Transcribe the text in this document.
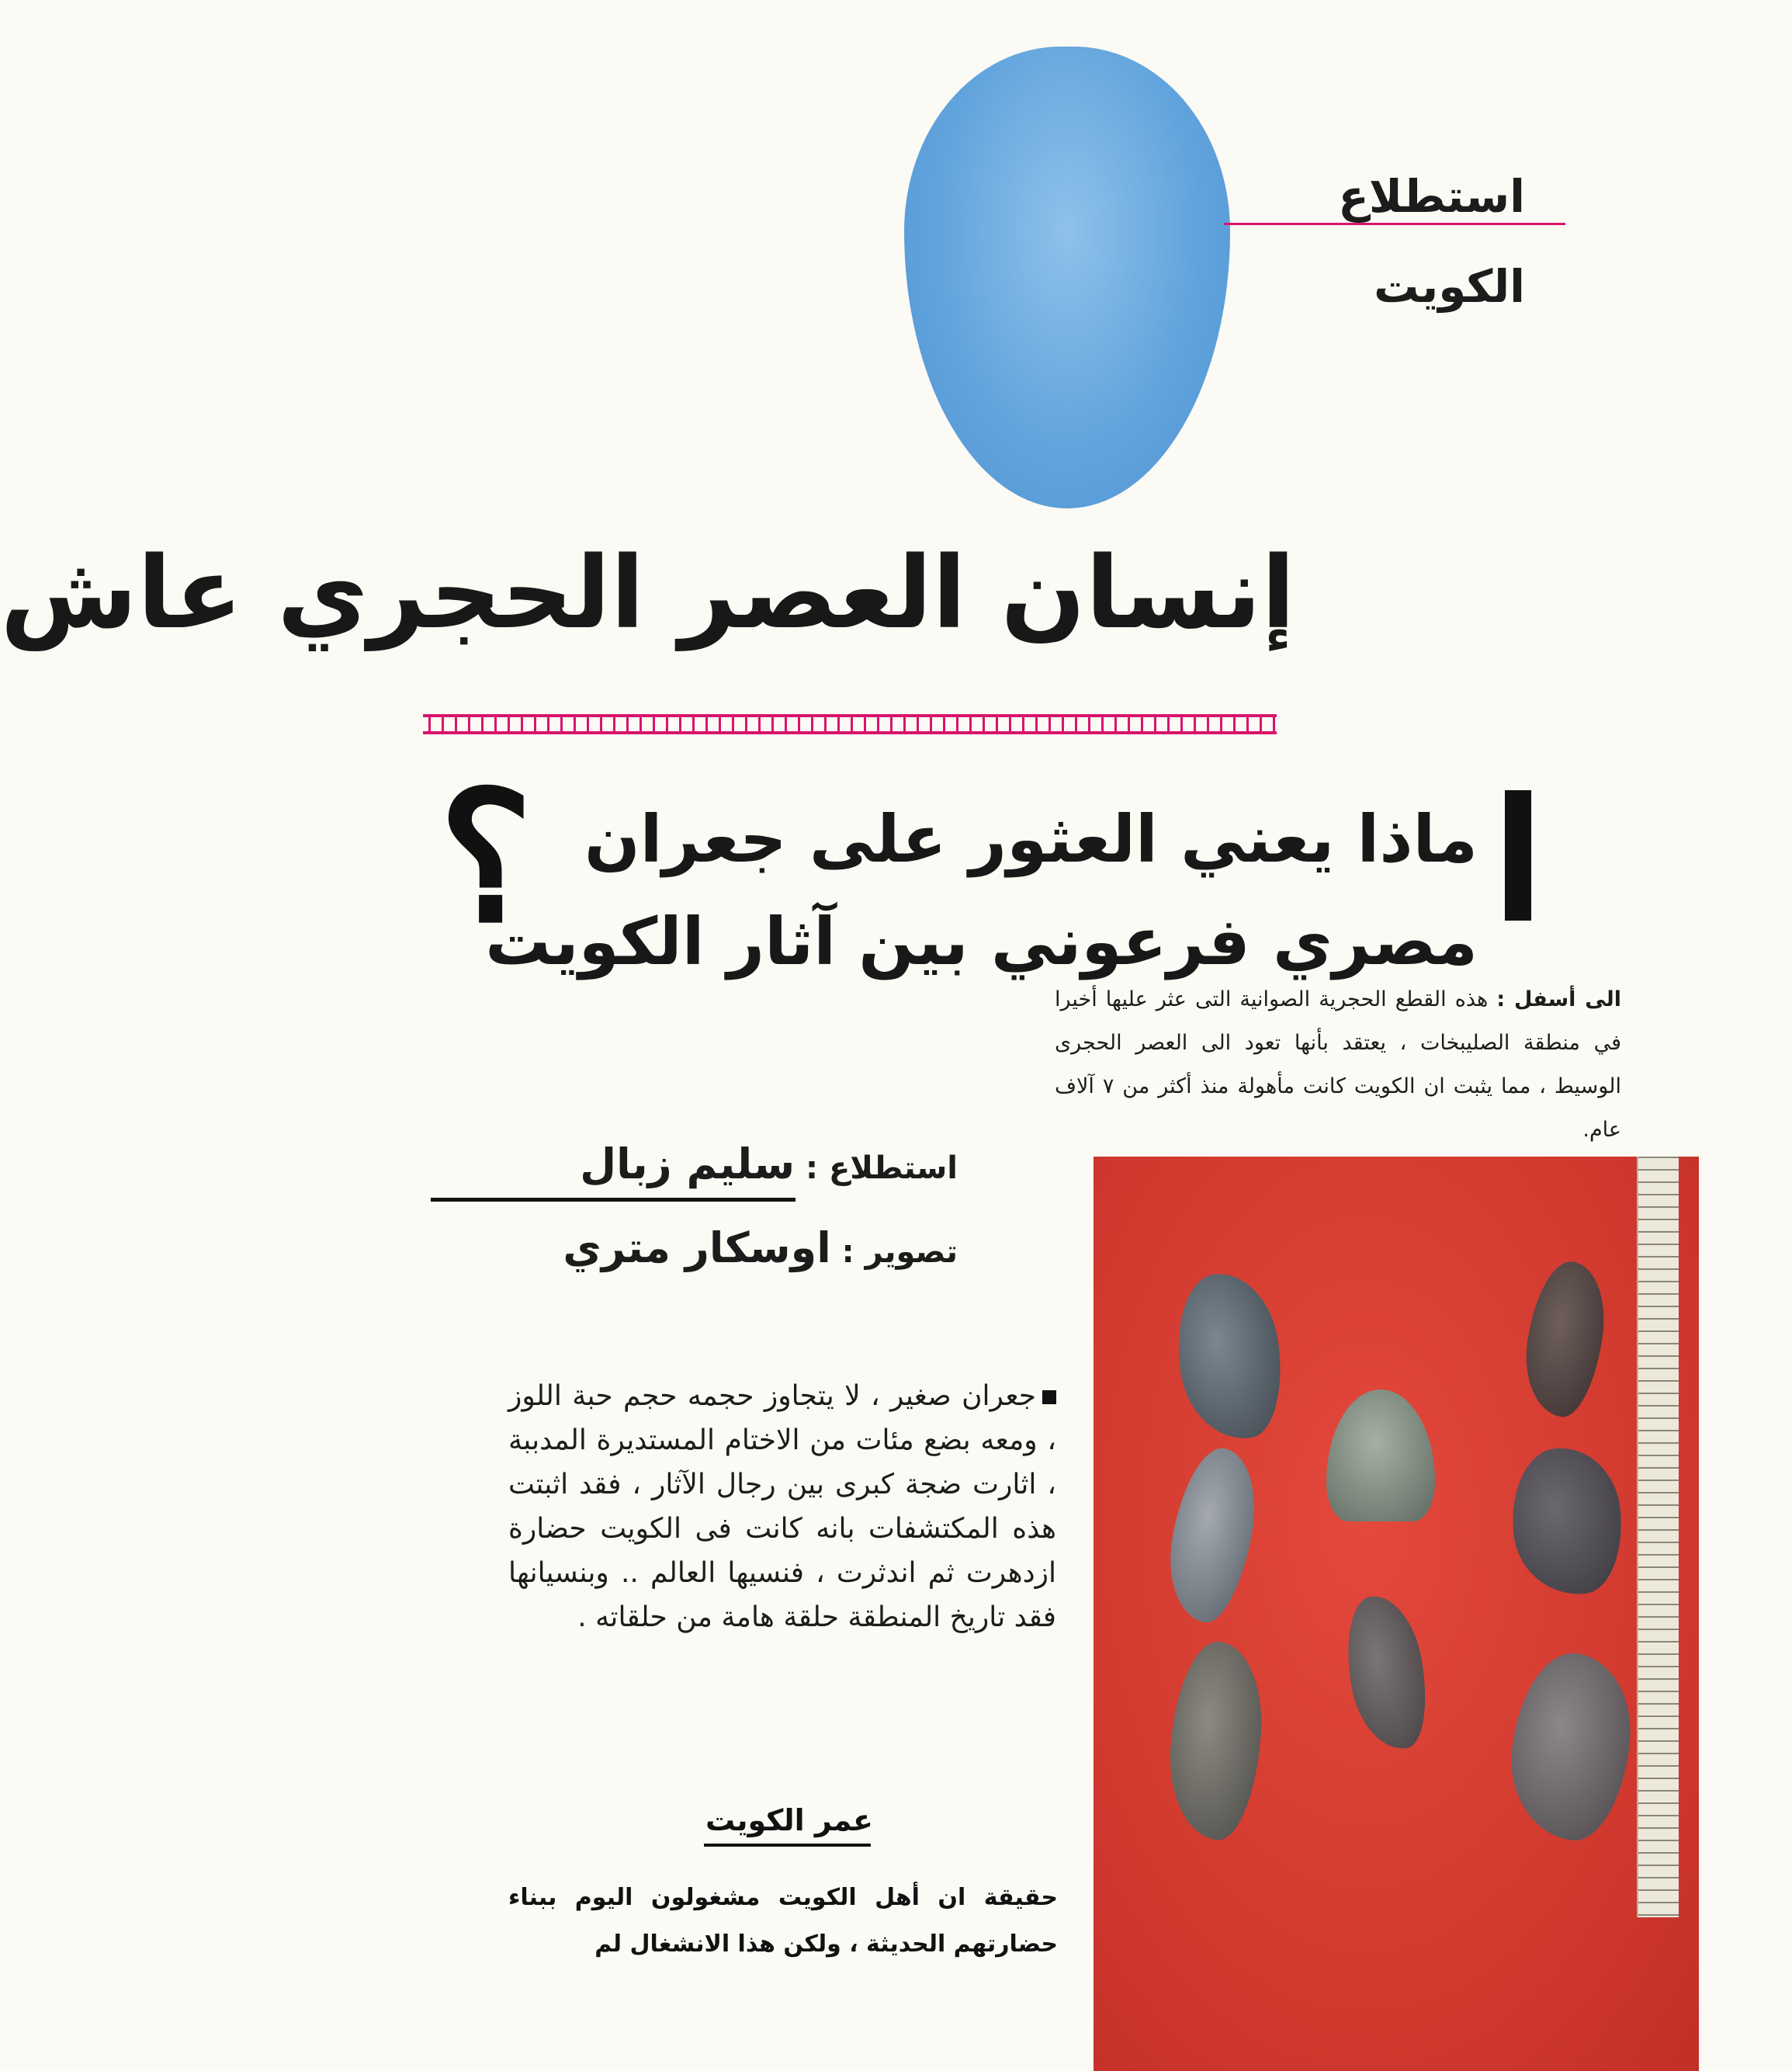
استطلاع
الكويت
إنسان العصر الحجري عاش
؟ ماذا يعني العثور على جعران
مصري فرعوني بين آثار الكويت
الى أسفل : هذه القطع الحجرية الصوانية التى عثر عليها أخيرا في منطقة الصليبخات ، يعتقد بأنها تعود الى العصر الحجرى الوسيط ، مما يثبت ان الكويت كانت مأهولة منذ أكثر من ٧ آلاف عام.
استطلاع : سليم زبال
تصوير : اوسكار متري
جعران صغير ، لا يتجاوز حجمه حجم حبة اللوز ، ومعه بضع مئات من الاختام المستديرة المدببة ، اثارت ضجة كبرى بين رجال الآثار ، فقد اثبتت هذه المكتشفات بانه كانت فى الكويت حضارة ازدهرت ثم اندثرت ، فنسيها العالم .. وبنسيانها فقد تاريخ المنطقة حلقة هامة من حلقاته .
عمر الكويت
حقيقة ان أهل الكويت مشغولون اليوم ببناء حضارتهم الحديثة ، ولكن هذا الانشغال لم
